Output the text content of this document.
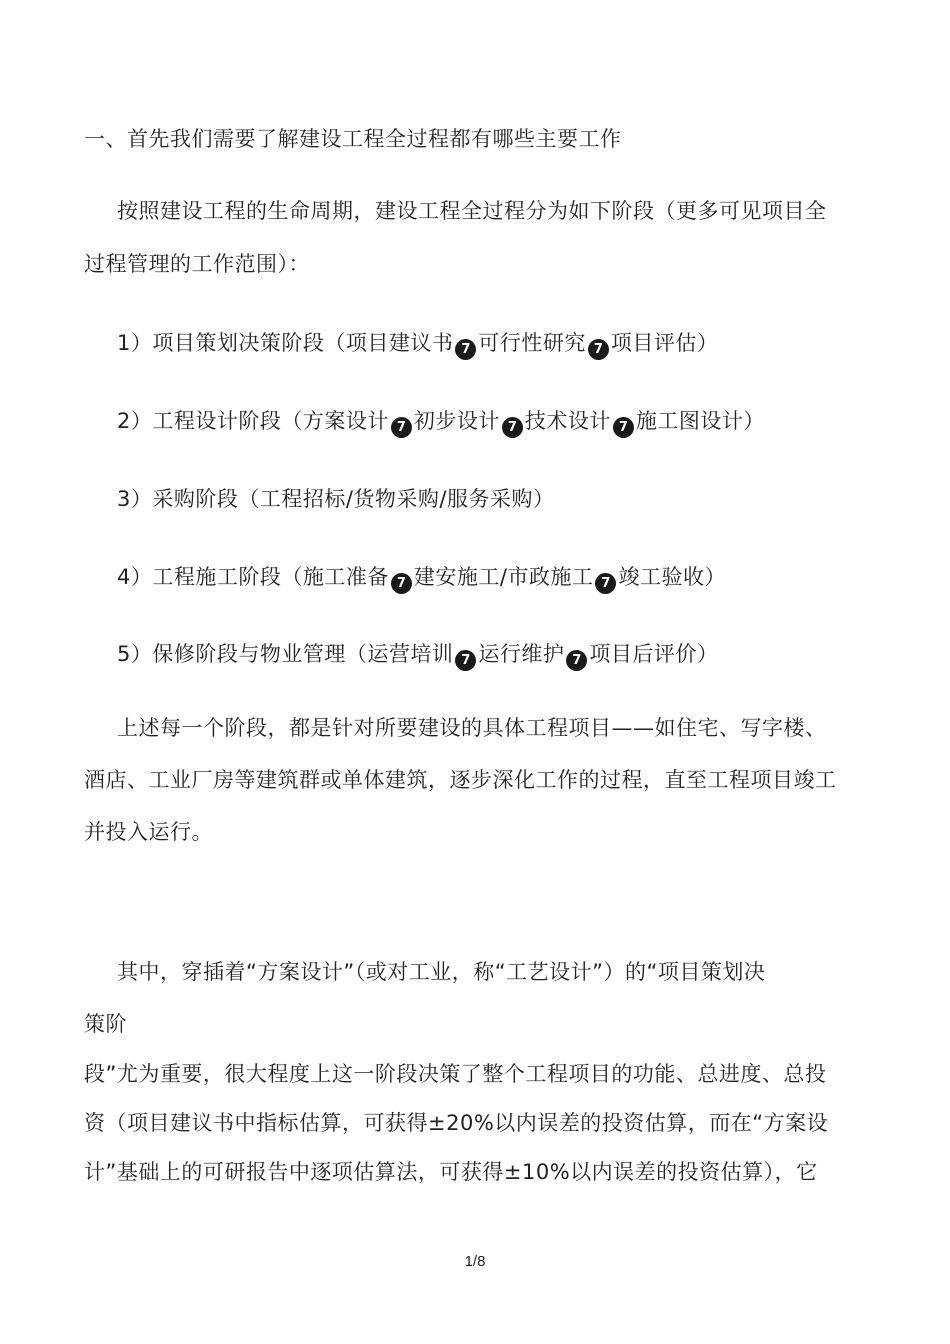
一、首先我们需要了解建设工程全过程都有哪些主要工作
按照建设工程的生命周期，建设工程全过程分为如下阶段（更多可见项目全
过程管理的工作范围）：
1）项目策划决策阶段（项目建议书 7 可行性研究 7 项目评估）
2）工程设计阶段（方案设计 7 初步设计 7 技术设计 7 施工图设计）
3）采购阶段（工程招标/货物采购/服务采购）
4）工程施工阶段（施工准备 7 建安施工/市政施工 7 竣工验收）
5）保修阶段与物业管理（运营培训 7 运行维护 7 项目后评价）
上述每一个阶段，都是针对所要建设的具体工程项目——如住宅、写字楼、
酒店、工业厂房等建筑群或单体建筑，逐步深化工作的过程，直至工程项目竣工
并投入运行。
其中，穿插着“方案设计”（或对工业，称“工艺设计”）的“项目策划决
策阶
段”尤为重要，很大程度上这一阶段决策了整个工程项目的功能、总进度、总投
资（项目建议书中指标估算，可获得±20%以内误差的投资估算，而在“方案设
计”基础上的可研报告中逐项估算法，可获得±10%以内误差的投资估算），它
1/8
